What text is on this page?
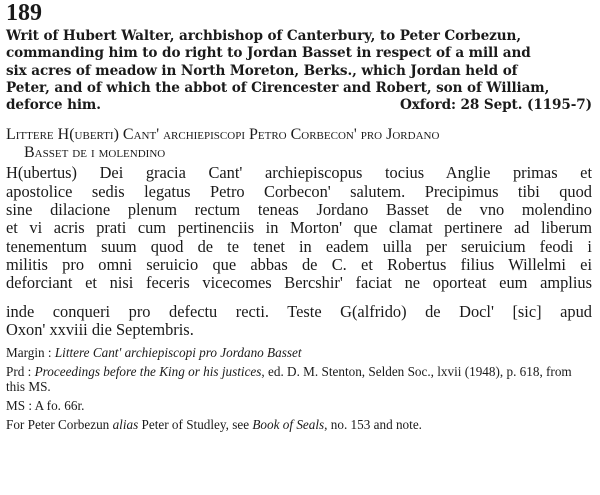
189
Writ of Hubert Walter, archbishop of Canterbury, to Peter Corbezun,
commanding him to do right to Jordan Basset in respect of a mill and
six acres of meadow in North Moreton, Berks., which Jordan held of
Peter, and of which the abbot of Cirencester and Robert, son of William,
deforce him.	Oxford: 28 Sept. (1195-7)
Littere H(uberti) Cant' archiepiscopi Petro Corbecon' pro Jordano
Basset de i molendino
H(ubertus) Dei gracia Cant' archiepiscopus tocius Anglie primas et
apostolice sedis legatus Petro Corbecon' salutem. Precipimus tibi quod
sine dilacione plenum rectum teneas Jordano Basset de vno molendino
et vi acris prati cum pertinenciis in Morton' que clamat pertinere ad liberum
tenementum suum quod de te tenet in eadem uilla per seruicium feodi i
militis pro omni seruicio que abbas de C. et Robertus filius Willelmi ei
deforciant et nisi feceris vicecomes Bercshir' faciat ne oporteat eum amplius
inde conqueri pro defectu recti. Teste G(alfrido) de Docl' [sic] apud
Oxon' xxviii die Septembris.

Margin : Littere Cant' archiepiscopi pro Jordano Basset

Prd : Proceedings before the King or his justices, ed. D. M. Stenton, Selden Soc., lxvii (1948), p. 618, from this MS.

MS : A fo. 66r.

For Peter Corbezun alias Peter of Studley, see Book of Seals, no. 153 and note.
